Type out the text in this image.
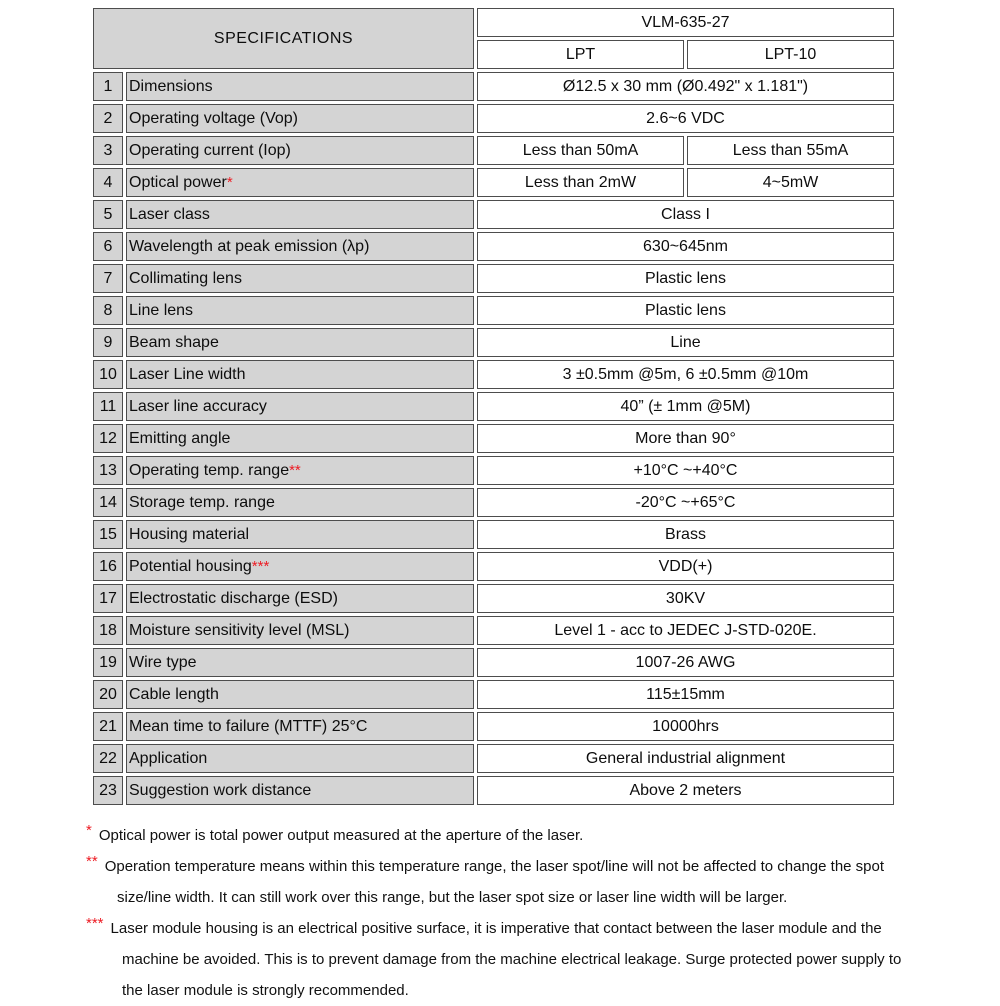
SPECIFICATIONS		VLM-635-27	
		LPT	LPT-10
1	Dimensions	Ø12.5 x 30 mm (Ø0.492" x 1.181")	
2	Operating voltage (Vop)	2.6~6 VDC	
3	Operating current (Iop)	Less than 50mA	Less than 55mA
4	Optical power*	Less than 2mW	4~5mW
5	Laser class	Class I	
6	Wavelength at peak emission (λp)	630~645nm	
7	Collimating lens	Plastic lens	
8	Line lens	Plastic lens	
9	Beam shape	Line	
10	Laser Line width	3 ±0.5mm @5m, 6 ±0.5mm @10m	
11	Laser line accuracy	40” (± 1mm @5M)	
12	Emitting angle	More than 90°	
13	Operating temp. range**	+10°C ~+40°C	
14	Storage temp. range	-20°C ~+65°C	
15	Housing material	Brass	
16	Potential housing***	VDD(+)	
17	Electrostatic discharge (ESD)	30KV	
18	Moisture sensitivity level (MSL)	Level 1 - acc to JEDEC J-STD-020E.	
19	Wire type	1007-26 AWG	
20	Cable length	115±15mm	
21	Mean time to failure (MTTF) 25°C	10000hrs	
22	Application	General industrial alignment	
23	Suggestion work distance	Above 2 meters	
* Optical power is total power output measured at the aperture of the laser.
** Operation temperature means within this temperature range, the laser spot/line will not be affected to change the spot
size/line width. It can still work over this range, but the laser spot size or laser line width will be larger.
*** Laser module housing is an electrical positive surface, it is imperative that contact between the laser module and the
machine be avoided. This is to prevent damage from the machine electrical leakage. Surge protected power supply to
the laser module is strongly recommended.
